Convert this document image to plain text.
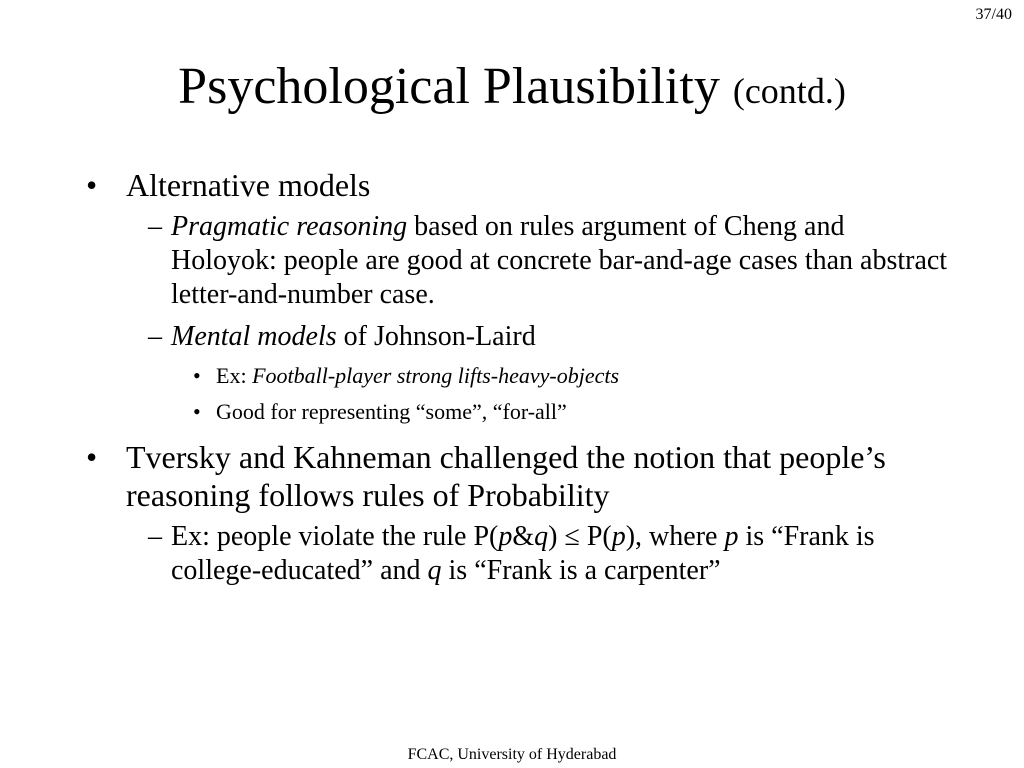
37/40
Psychological Plausibility (contd.)
• Alternative models
– Pragmatic reasoning based on rules argument of Cheng and Holoyok: people are good at concrete bar-and-age cases than abstract letter-and-number case.
– Mental models of Johnson-Laird
• Ex: Football-player strong lifts-heavy-objects
• Good for representing “some”, “for-all”
• Tversky and Kahneman challenged the notion that people’s reasoning follows rules of Probability
– Ex: people violate the rule P(p&q) ≤ P(p), where p is “Frank is college-educated” and q is “Frank is a carpenter”
FCAC, University of Hyderabad
